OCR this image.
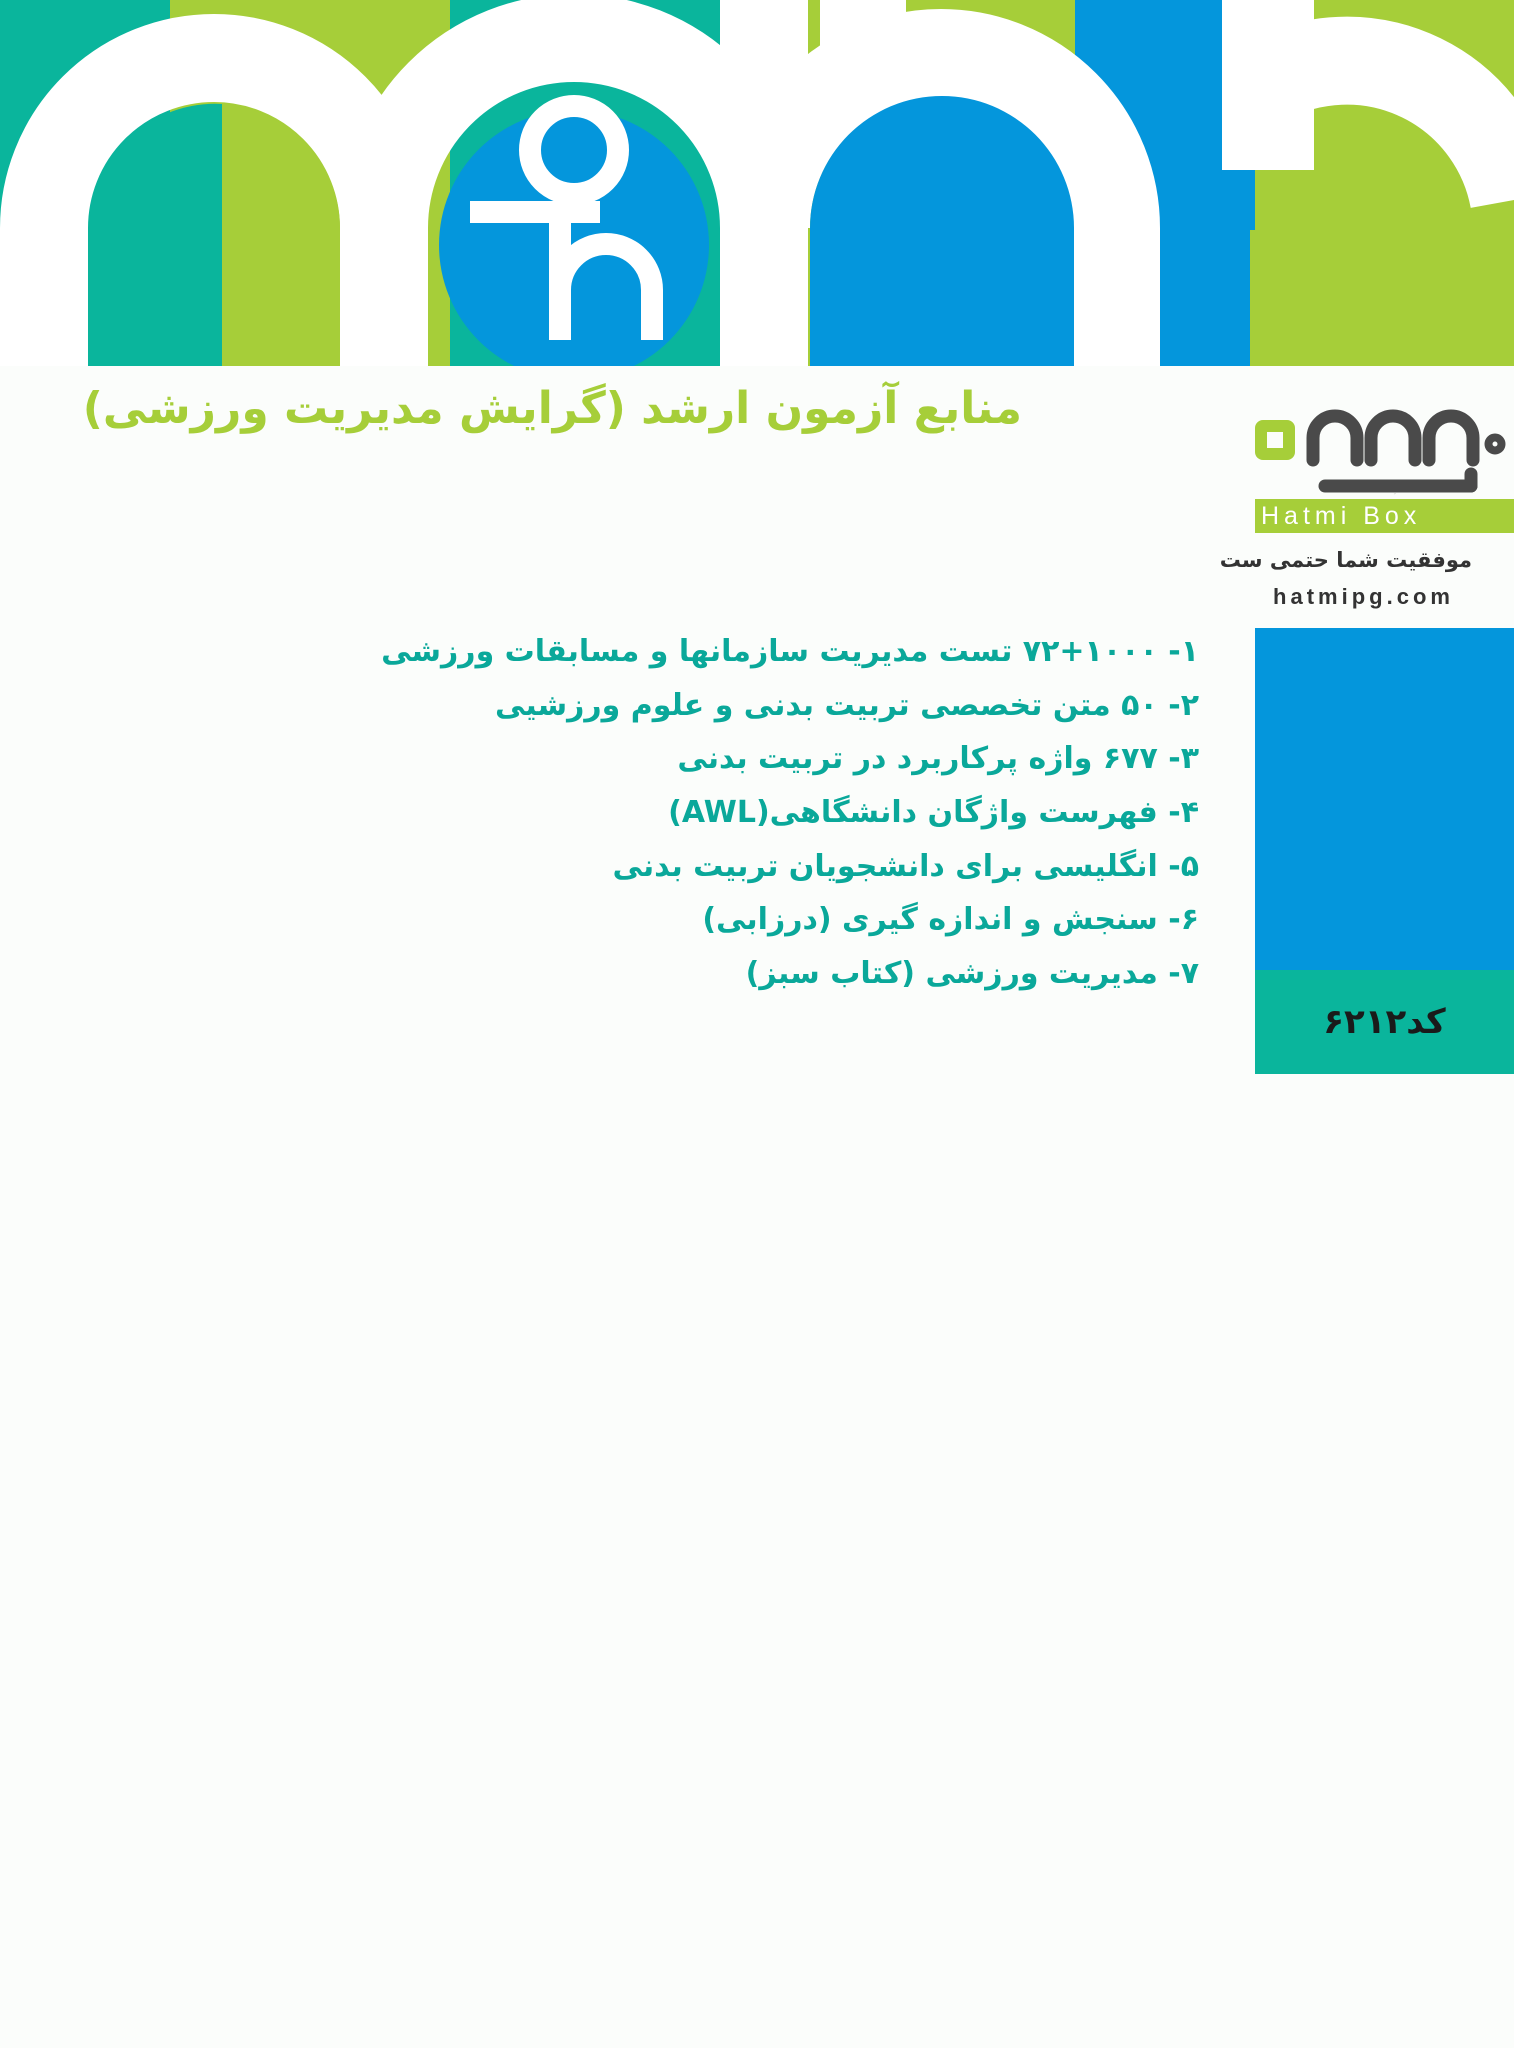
منابع آزمون ارشد (گرایش مدیریت ورزشی)
۱- ۷۲+۱۰۰۰ تست مدیریت سازمانها و مسابقات ورزشی
۲- ۵۰ متن تخصصی تربیت بدنی و علوم ورزشیی
۳- ۶۷۷ واژه پرکاربرد در تربیت بدنی
۴- فهرست واژگان دانشگاهی(AWL)
۵- انگلیسی برای دانشجویان تربیت بدنی
۶- سنجش و اندازه گیری (درزابی)
۷- مدیریت ورزشی (کتاب سبز)
حتمی
Hatmi Box
موفقیت شما حتمی ست
hatmipg.com
کد۶۲۱۲
